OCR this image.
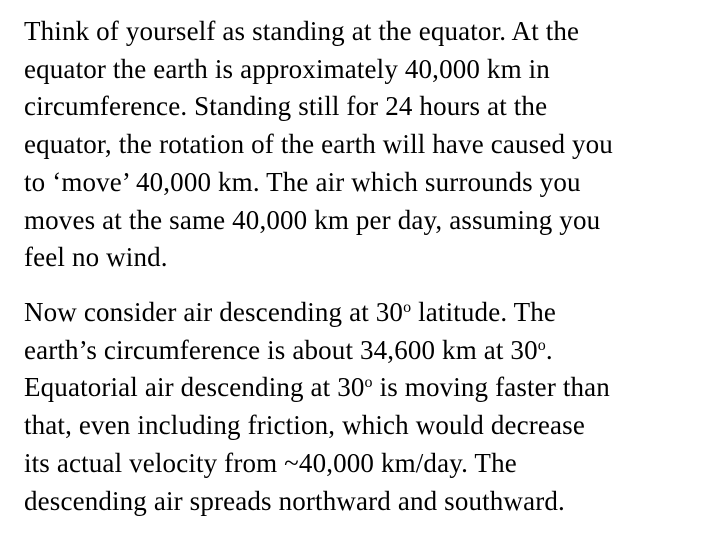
Think of yourself as standing at the equator. At the
equator the earth is approximately 40,000 km in
circumference. Standing still for 24 hours at the
equator, the rotation of the earth will have caused you
to ‘move’ 40,000 km. The air which surrounds you
moves at the same 40,000 km per day, assuming you
feel no wind.

Now consider air descending at 30$^o$ latitude. The
earth’s circumference is about 34,600 km at 30$^o$.
Equatorial air descending at 30$^o$ is moving faster than
that, even including friction, which would decrease
its actual velocity from ~40,000 km/day. The
descending air spreads northward and southward.
